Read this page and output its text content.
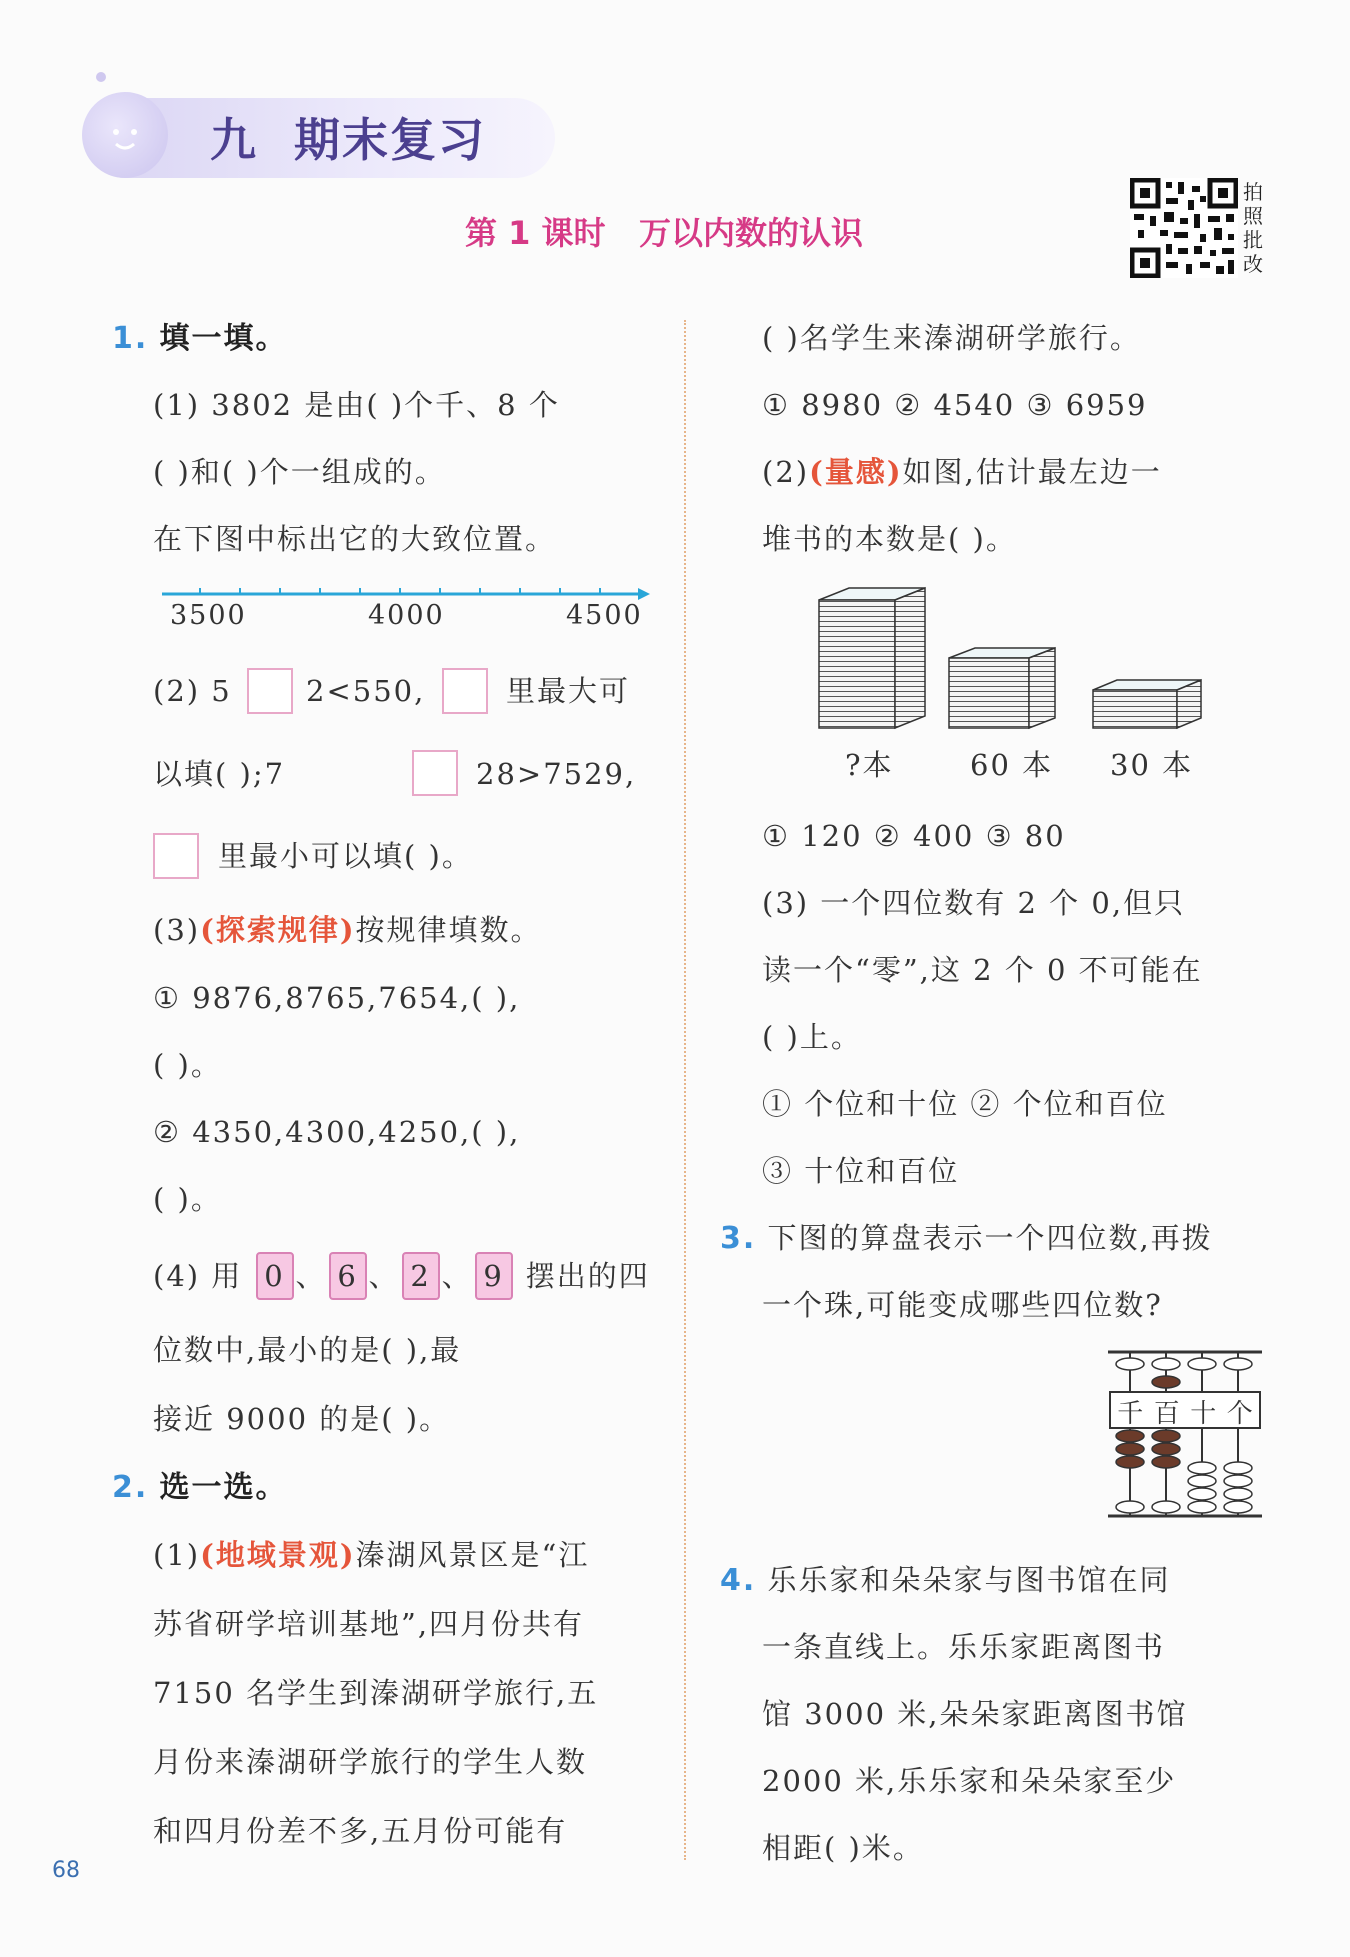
九  期末复习
第 1 课时   万以内数的认识
拍照批改
1. 填一填。
(1) 3802 是由( )个千、8 个
( )和( )个一组成的。
在下图中标出它的大致位置。
3500	4000	4500
(2) 5	2<550,	里最大可
以填( );7	28>7529,
里最小可以填( )。
(3)(探索规律)按规律填数。
① 9876,8765,7654,( ),
( )。
② 4350,4300,4250,( ),
( )。
(4) 用 0 、 6 、 2 、 9 摆出的四
位数中,最小的是( ),最
接近 9000 的是( )。
2. 选一选。
(1)(地域景观)溱湖风景区是“江
苏省研学培训基地”,四月份共有
7150 名学生到溱湖研学旅行,五
月份来溱湖研学旅行的学生人数
和四月份差不多,五月份可能有
( )名学生来溱湖研学旅行。
① 8980 ② 4540 ③ 6959
(2)(量感)如图,估计最左边一
堆书的本数是( )。
?本	60 本 30 本
① 120 ② 400 ③ 80
(3) 一个四位数有 2 个 0,但只
读一个“零”,这 2 个 0 不可能在
( )上。
① 个位和十位 ② 个位和百位
③ 十位和百位
3. 下图的算盘表示一个四位数,再拨
一个珠,可能变成哪些四位数?
千 百 十 个
4. 乐乐家和朵朵家与图书馆在同
一条直线上。乐乐家距离图书
馆 3000 米,朵朵家距离图书馆
2000 米,乐乐家和朵朵家至少
相距( )米。
68
